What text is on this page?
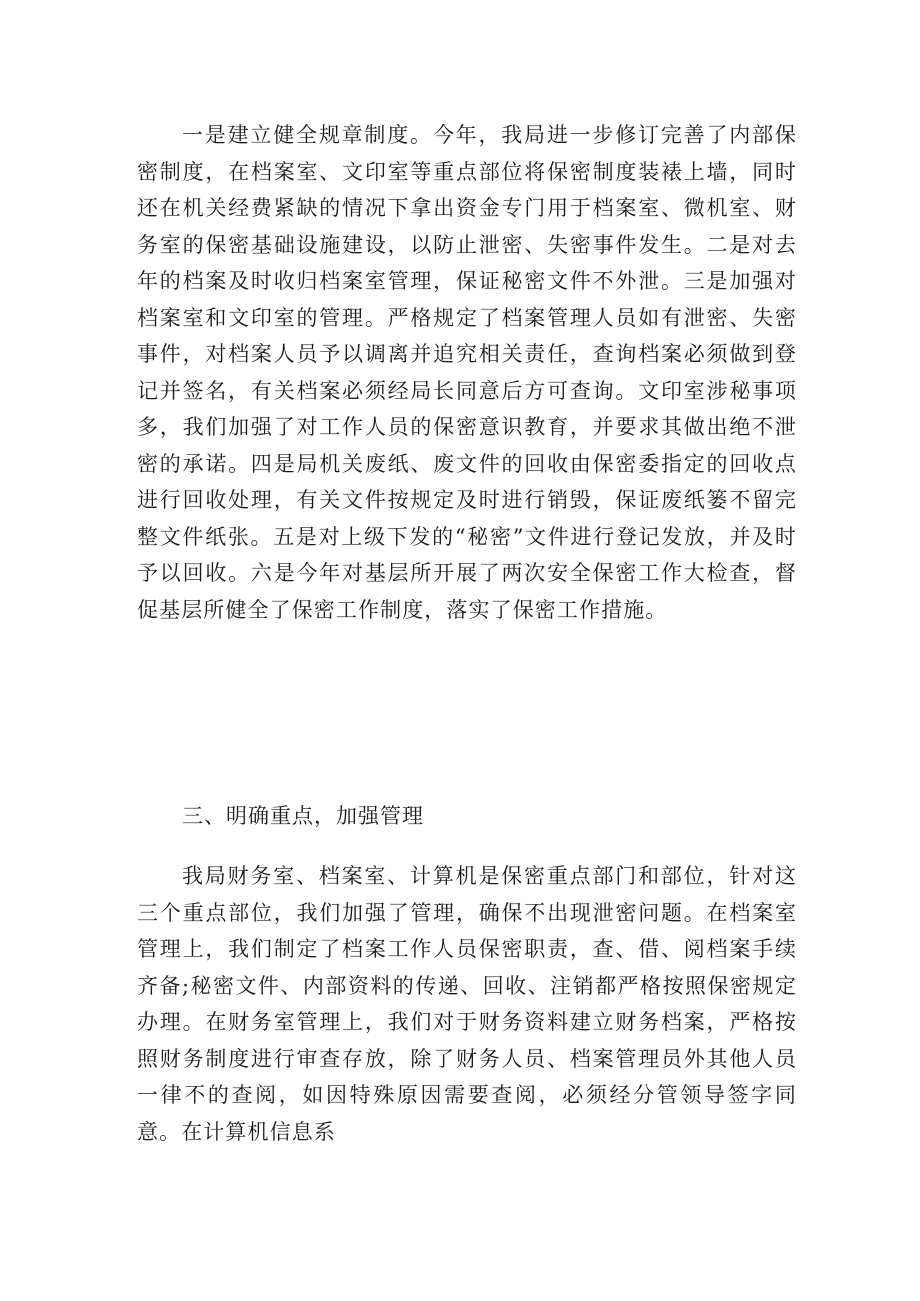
一是建立健全规章制度。今年，我局进一步修订完善了内部保密制度，在档案室、文印室等重点部位将保密制度装裱上墙，同时还在机关经费紧缺的情况下拿出资金专门用于档案室、微机室、财务室的保密基础设施建设，以防止泄密、失密事件发生。二是对去年的档案及时收归档案室管理，保证秘密文件不外泄。三是加强对档案室和文印室的管理。严格规定了档案管理人员如有泄密、失密事件，对档案人员予以调离并追究相关责任，查询档案必须做到登记并签名，有关档案必须经局长同意后方可查询。文印室涉秘事项多，我们加强了对工作人员的保密意识教育，并要求其做出绝不泄密的承诺。四是局机关废纸、废文件的回收由保密委指定的回收点进行回收处理，有关文件按规定及时进行销毁，保证废纸篓不留完整文件纸张。五是对上级下发的“秘密”文件进行登记发放，并及时予以回收。六是今年对基层所开展了两次安全保密工作大检查，督促基层所健全了保密工作制度，落实了保密工作措施。

三、明确重点，加强管理

我局财务室、档案室、计算机是保密重点部门和部位，针对这三个重点部位，我们加强了管理，确保不出现泄密问题。在档案室管理上，我们制定了档案工作人员保密职责，查、借、阅档案手续齐备;秘密文件、内部资料的传递、回收、注销都严格按照保密规定办理。在财务室管理上，我们对于财务资料建立财务档案，严格按照财务制度进行审查存放，除了财务人员、档案管理员外其他人员一律不的查阅，如因特殊原因需要查阅，必须经分管领导签字同意。在计算机信息系
